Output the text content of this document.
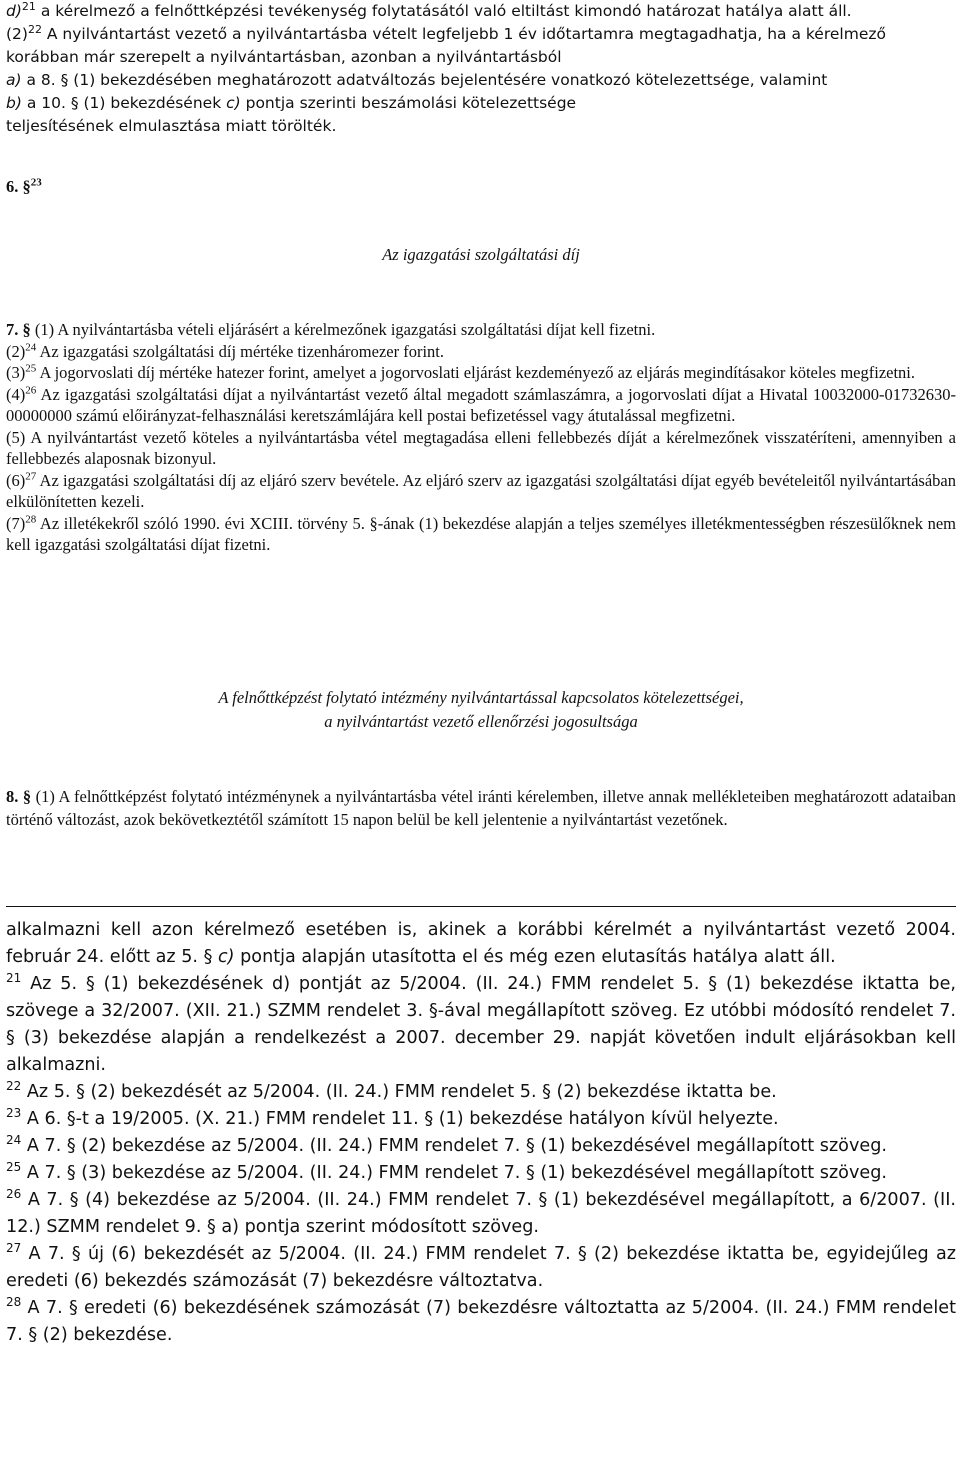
d)$^{21}$ a kérelmező a felnőttképzési tevékenység folytatásától való eltiltást kimondó határozat hatálya alatt áll.

$(2)^{22}$ A nyilvántartást vezető a nyilvántartásba vételt legfeljebb 1 év időtartamra megtagadhatja, ha a kérelmező korábban már szerepelt a nyilvántartásban, azonban a nyilvántartásból

a) a 8. § (1) bekezdésében meghatározott adatváltozás bejelentésére vonatkozó kötelezettsége, valamint

b) a 10. § (1) bekezdésének c) pontja szerinti beszámolási kötelezettsége

teljesítésének elmulasztása miatt törölték.

6. §$^{23}$

Az igazgatási szolgáltatási díj

7. § (1) A nyilvántartásba vételi eljárásért a kérelmezőnek igazgatási szolgáltatási díjat kell fizetni.

$(2)^{24}$ Az igazgatási szolgáltatási díj mértéke tizenháromezer forint.

$(3)^{25}$ A jogorvoslati díj mértéke hatezer forint, amelyet a jogorvoslati eljárást kezdeményező az eljárás megindításakor köteles megfizetni.

$(4)^{26}$ Az igazgatási szolgáltatási díjat a nyilvántartást vezető által megadott számlaszámra, a jogorvoslati díjat a Hivatal 10032000-01732630-00000000 számú előirányzat-felhasználási keretszámlájára kell postai befizetéssel vagy átutalással megfizetni.

(5) A nyilvántartást vezető köteles a nyilvántartásba vétel megtagadása elleni fellebbezés díját a kérelmezőnek visszatéríteni, amennyiben a fellebbezés alaposnak bizonyul.

$(6)^{27}$ Az igazgatási szolgáltatási díj az eljáró szerv bevétele. Az eljáró szerv az igazgatási szolgáltatási díjat egyéb bevételeitől nyilvántartásában elkülönítetten kezeli.

$(7)^{28}$ Az illetékekről szóló 1990. évi XCIII. törvény 5. §-ának (1) bekezdése alapján a teljes személyes illetékmentességben részesülőknek nem kell igazgatási szolgáltatási díjat fizetni.

A felnőttképzést folytató intézmény nyilvántartással kapcsolatos kötelezettségei,

a nyilvántartást vezető ellenőrzési jogosultsága

8. § (1) A felnőttképzést folytató intézménynek a nyilvántartásba vétel iránti kérelemben, illetve annak mellékleteiben meghatározott adataiban történő változást, azok bekövetkeztétől számított 15 napon belül be kell jelentenie a nyilvántartást vezetőnek.

alkalmazni kell azon kérelmező esetében is, akinek a korábbi kérelmét a nyilvántartást vezető 2004. február 24. előtt az 5. § c) pontja alapján utasította el és még ezen elutasítás hatálya alatt áll.

$^{21}$ Az 5. § (1) bekezdésének d) pontját az 5/2004. (II. 24.) FMM rendelet 5. § (1) bekezdése iktatta be, szövege a 32/2007. (XII. 21.) SZMM rendelet 3. §-ával megállapított szöveg. Ez utóbbi módosító rendelet 7. § (3) bekezdése alapján a rendelkezést a 2007. december 29. napját követően indult eljárásokban kell alkalmazni.

$^{22}$ Az 5. § (2) bekezdését az 5/2004. (II. 24.) FMM rendelet 5. § (2) bekezdése iktatta be.

$^{23}$ A 6. §-t a 19/2005. (X. 21.) FMM rendelet 11. § (1) bekezdése hatályon kívül helyezte.

$^{24}$ A 7. § (2) bekezdése az 5/2004. (II. 24.) FMM rendelet 7. § (1) bekezdésével megállapított szöveg.

$^{25}$ A 7. § (3) bekezdése az 5/2004. (II. 24.) FMM rendelet 7. § (1) bekezdésével megállapított szöveg.

$^{26}$ A 7. § (4) bekezdése az 5/2004. (II. 24.) FMM rendelet 7. § (1) bekezdésével megállapított, a 6/2007. (II. 12.) SZMM rendelet 9. § a) pontja szerint módosított szöveg.

$^{27}$ A 7. § új (6) bekezdését az 5/2004. (II. 24.) FMM rendelet 7. § (2) bekezdése iktatta be, egyidejűleg az eredeti (6) bekezdés számozását (7) bekezdésre változtatva.

$^{28}$ A 7. § eredeti (6) bekezdésének számozását (7) bekezdésre változtatta az 5/2004. (II. 24.) FMM rendelet 7. § (2) bekezdése.
